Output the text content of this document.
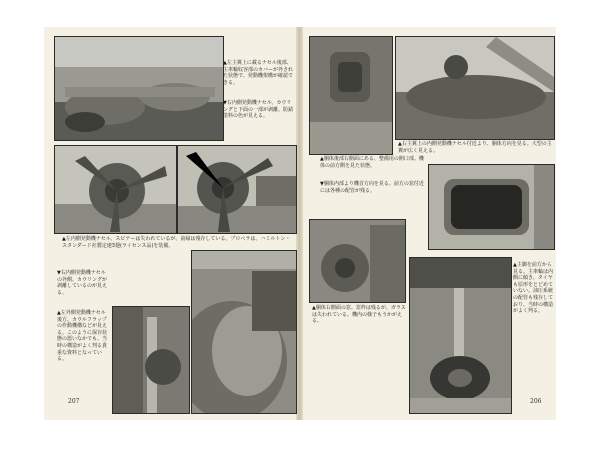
▲左主翼上に載るナセル後部、主車輪収容部のカバーが外された状態で、発動機架構が確認できる。
▼右内側発動機ナセル、カウリングと下面の一部が剥離。防錆塗料の色が見える。
▲左内側発動機ナセル、スピナーは失われているが、前縁は残存している。プロペラは、ハミルトン・スタンダード社製定速3翅(ライセンス品)を装備。
▼右内側発動機ナセルの外側、カウリングが剥離しているのが見える。
▲左外側発動機ナセル後方、カウルフラップの作動機構などが見える。このように保存状態の悪いなかでも、当時の構造がよく判る貴重な資料となっている。
207
▲右主翼上の内側発動機ナセル付近より、胴体方向を見る。大型の主翼が広く見える。
▲胴体後部右側面にある、整備用の開口部。機体の前方側を見た状態。
▼胴体内部より機首方向を見る。前方の窓付近には各種の配管が残る。
▲胴体右側面の窓。窓枠は残るが、ガラスは失われている。機内の様子もうかがえる。
▲主脚を前方から見る。主車輪は内側に傾き、タイヤも原形をとどめていない。油圧系統の配管も残存しており、当時の構造がよく判る。
206
